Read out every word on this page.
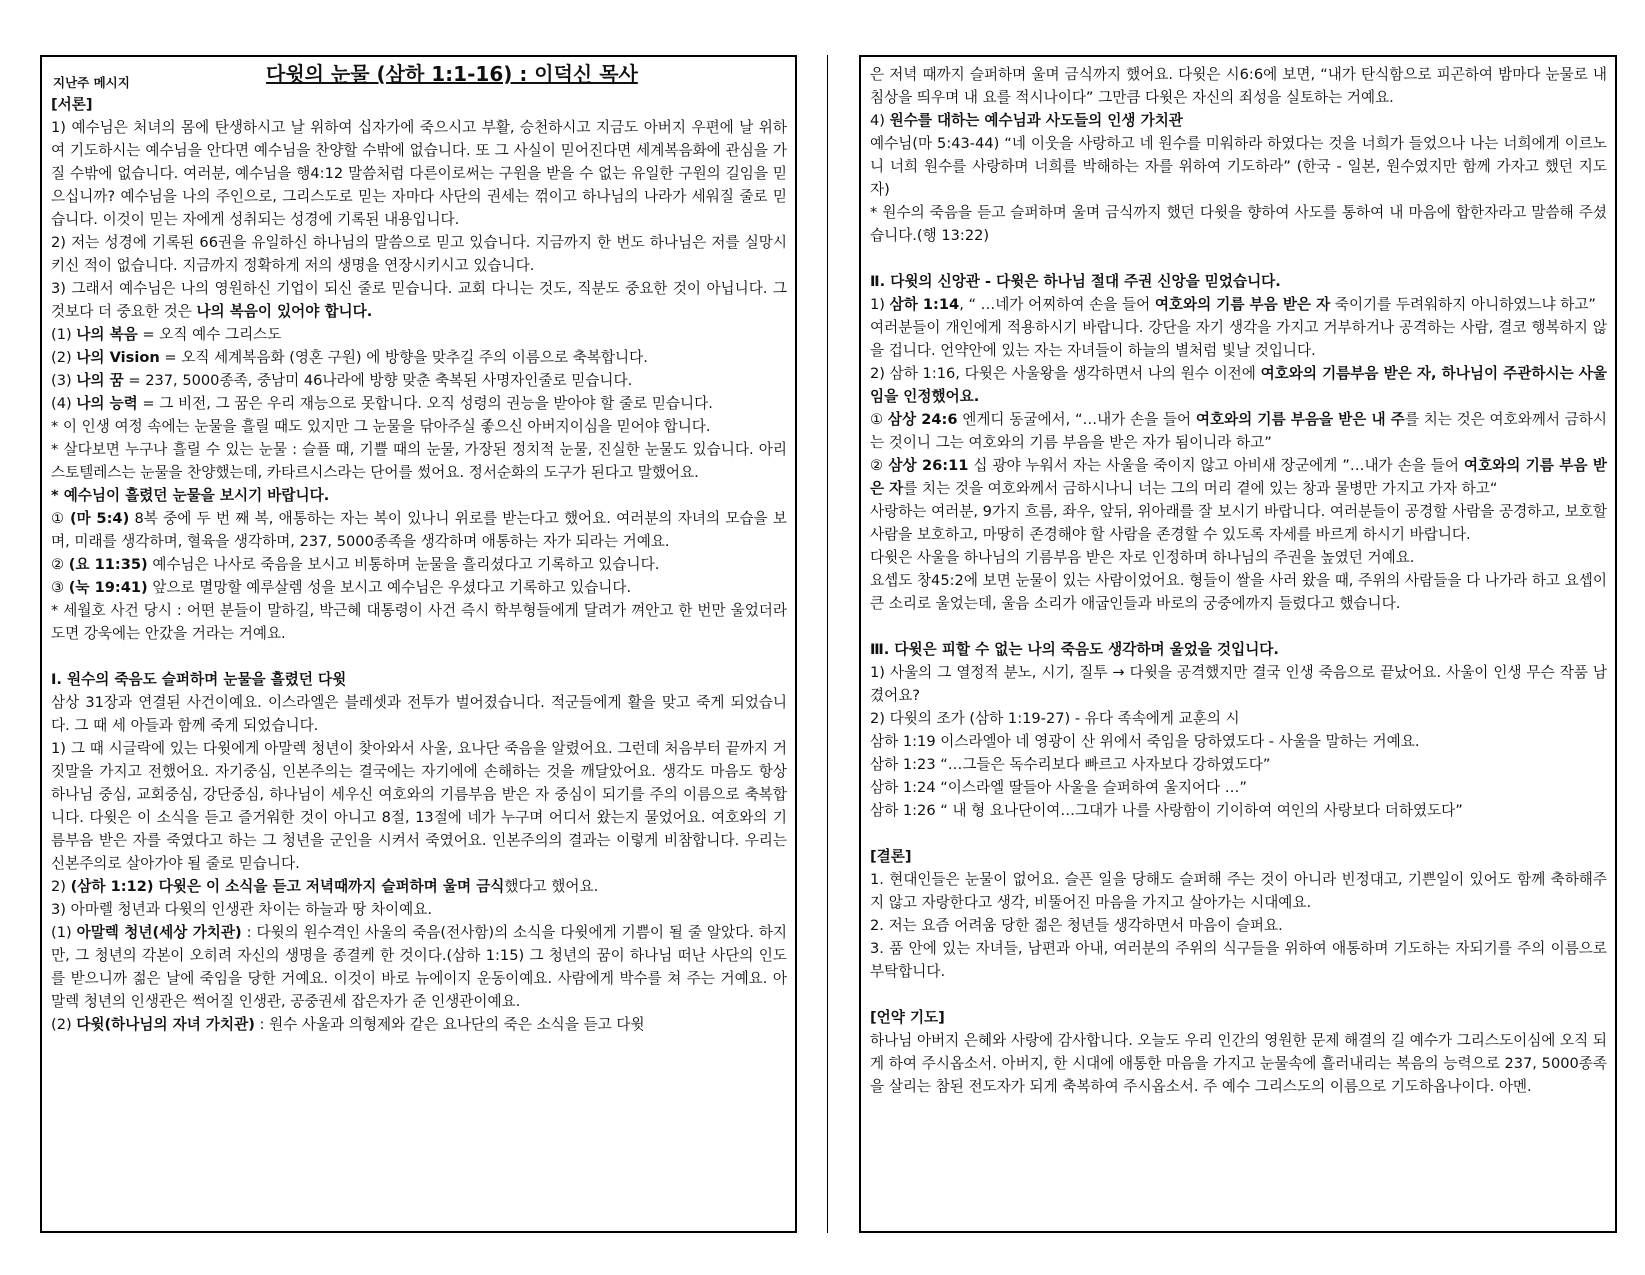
지난주 메시지	다윗의 눈물 (삼하 1:1-16) : 이덕신 목사

[서론]

1) 예수님은 처녀의 몸에 탄생하시고 날 위하여 십자가에 죽으시고 부활, 승천하시고 지금도 아버지 우편에 날 위하여 기도하시는 예수님을 안다면 예수님을 찬양할 수밖에 없습니다. 또 그 사실이 믿어진다면 세계복음화에 관심을 가질 수밖에 없습니다. 여러분, 예수님을 행4:12 말씀처럼 다른이로써는 구원을 받을 수 없는 유일한 구원의 길임을 믿으십니까? 예수님을 나의 주인으로, 그리스도로 믿는 자마다 사단의 권세는 꺾이고 하나님의 나라가 세워질 줄로 믿습니다. 이것이 믿는 자에게 성취되는 성경에 기록된 내용입니다.

2) 저는 성경에 기록된 66권을 유일하신 하나님의 말씀으로 믿고 있습니다. 지금까지 한 번도 하나님은 저를 실망시키신 적이 없습니다. 지금까지 정확하게 저의 생명을 연장시키시고 있습니다.

3) 그래서 예수님은 나의 영원하신 기업이 되신 줄로 믿습니다. 교회 다니는 것도, 직분도 중요한 것이 아닙니다. 그것보다 더 중요한 것은 나의 복음이 있어야 합니다.

(1) 나의 복음 = 오직 예수 그리스도

(2) 나의 Vision = 오직 세계복음화 (영혼 구원) 에 방향을 맞추길 주의 이름으로 축복합니다.

(3) 나의 꿈 = 237, 5000종족, 중남미 46나라에 방향 맞춘 축복된 사명자인줄로 믿습니다.

(4) 나의 능력 = 그 비전, 그 꿈은 우리 재능으로 못합니다. 오직 성령의 권능을 받아야 할 줄로 믿습니다.

* 이 인생 여정 속에는 눈물을 흘릴 때도 있지만 그 눈물을 닦아주실 좋으신 아버지이심을 믿어야 합니다.

* 살다보면 누구나 흘릴 수 있는 눈물 : 슬플 때, 기쁠 때의 눈물, 가장된 정치적 눈물, 진실한 눈물도 있습니다. 아리스토텔레스는 눈물을 찬양했는데, 카타르시스라는 단어를 썼어요. 정서순화의 도구가 된다고 말했어요.

* 예수님이 흘렸던 눈물을 보시기 바랍니다.

① (마 5:4) 8복 중에 두 번 째 복, 애통하는 자는 복이 있나니 위로를 받는다고 했어요. 여러분의 자녀의 모습을 보며, 미래를 생각하며, 혈육을 생각하며, 237, 5000종족을 생각하며 애통하는 자가 되라는 거예요.

② (요 11:35) 예수님은 나사로 죽음을 보시고 비통하며 눈물을 흘리셨다고 기록하고 있습니다.

③ (눅 19:41) 앞으로 멸망할 예루살렘 성을 보시고 예수님은 우셨다고 기록하고 있습니다.

* 세월호 사건 당시 : 어떤 분들이 말하길, 박근혜 대통령이 사건 즉시 학부형들에게 달려가 껴안고 한 번만 울었더라도면 강욱에는 안갔을 거라는 거예요.

Ⅰ. 원수의 죽음도 슬퍼하며 눈물을 흘렸던 다윗

삼상 31장과 연결된 사건이예요. 이스라엘은 블레셋과 전투가 벌어졌습니다. 적군들에게 활을 맞고 죽게 되었습니다. 그 때 세 아들과 함께 죽게 되었습니다.

1) 그 때 시글락에 있는 다윗에게 아말렉 청년이 찾아와서 사울, 요나단 죽음을 알렸어요. 그런데 처음부터 끝까지 거짓말을 가지고 전했어요. 자기중심, 인본주의는 결국에는 자기에에 손해하는 것을 깨달았어요. 생각도 마음도 항상 하나님 중심, 교회중심, 강단중심, 하나님이 세우신 여호와의 기름부음 받은 자 중심이 되기를 주의 이름으로 축복합니다. 다윗은 이 소식을 듣고 즐거워한 것이 아니고 8절, 13절에 네가 누구며 어디서 왔는지 물었어요. 여호와의 기름부음 받은 자를 죽였다고 하는 그 청년을 군인을 시켜서 죽였어요. 인본주의의 결과는 이렇게 비참합니다. 우리는 신본주의로 살아가야 될 줄로 믿습니다.

2) (삼하 1:12) 다윗은 이 소식을 듣고 저녁때까지 슬퍼하며 울며 금식했다고 했어요.

3) 아마렐 청년과 다윗의 인생관 차이는 하늘과 땅 차이예요.

(1) 아말렉 청년(세상 가치관) : 다윗의 원수격인 사울의 죽음(전사함)의 소식을 다윗에게 기쁨이 될 줄 알았다. 하지만, 그 청년의 각본이 오히려 자신의 생명을 종결케 한 것이다.(삼하 1:15) 그 청년의 꿈이 하나님 떠난 사단의 인도를 받으니까 젊은 날에 죽임을 당한 거예요. 이것이 바로 뉴에이지 운동이예요. 사람에게 박수를 쳐 주는 거예요. 아말렉 청년의 인생관은 썩어질 인생관, 공중권세 잡은자가 준 인생관이예요.

(2) 다윗(하나님의 자녀 가치관) : 원수 사울과 의형제와 같은 요나단의 죽은 소식을 듣고 다윗

은 저녁 때까지 슬퍼하며 울며 금식까지 했어요. 다윗은 시6:6에 보면, “내가 탄식함으로 피곤하여 밤마다 눈물로 내 침상을 띄우며 내 요를 적시나이다” 그만큼 다윗은 자신의 죄성을 실토하는 거예요.

4) 원수를 대하는 예수님과 사도들의 인생 가치관

예수님(마 5:43-44) “네 이웃을 사랑하고 네 원수를 미워하라 하였다는 것을 너희가 들었으나 나는 너희에게 이르노니 너희 원수를 사랑하며 너희를 박해하는 자를 위하여 기도하라” (한국 - 일본, 원수였지만 함께 가자고 했던 지도자)

* 원수의 죽음을 듣고 슬퍼하며 울며 금식까지 했던 다윗을 향하여 사도를 통하여 내 마음에 합한자라고 말씀해 주셨습니다.(행 13:22)

Ⅱ. 다윗의 신앙관 - 다윗은 하나님 절대 주권 신앙을 믿었습니다.

1) 삼하 1:14, “ …네가 어찌하여 손을 들어 여호와의 기름 부음 받은 자 죽이기를 두려워하지 아니하였느냐 하고”

여러분들이 개인에게 적용하시기 바랍니다. 강단을 자기 생각을 가지고 거부하거나 공격하는 사람, 결코 행복하지 않을 겁니다. 언약안에 있는 자는 자녀들이 하늘의 별처럼 빛날 것입니다.

2) 삼하 1:16, 다윗은 사울왕을 생각하면서 나의 원수 이전에 여호와의 기름부음 받은 자, 하나님이 주관하시는 사울임을 인정했어요.

① 삼상 24:6 엔게디 동굴에서, “…내가 손을 들어 여호와의 기름 부음을 받은 내 주를 치는 것은 여호와께서 금하시는 것이니 그는 여호와의 기름 부음을 받은 자가 됨이니라 하고”

② 삼상 26:11 십 광야 누워서 자는 사울을 죽이지 않고 아비새 장군에게 ”…내가 손을 들어 여호와의 기름 부음 받은 자를 치는 것을 여호와께서 금하시나니 너는 그의 머리 곁에 있는 창과 물병만 가지고 가자 하고“

사랑하는 여러분, 9가지 흐름, 좌우, 앞뒤, 위아래를 잘 보시기 바랍니다. 여러분들이 공경할 사람을 공경하고, 보호할 사람을 보호하고, 마땅히 존경해야 할 사람을 존경할 수 있도록 자세를 바르게 하시기 바랍니다.

다윗은 사울을 하나님의 기름부음 받은 자로 인정하며 하나님의 주권을 높였던 거예요.

요셉도 창45:2에 보면 눈물이 있는 사람이었어요. 형들이 쌀을 사러 왔을 때, 주위의 사람들을 다 나가라 하고 요셉이 큰 소리로 울었는데, 울음 소리가 애굽인들과 바로의 궁중에까지 들렸다고 했습니다.

Ⅲ. 다윗은 피할 수 없는 나의 죽음도 생각하며 울었을 것입니다.

1) 사울의 그 열정적 분노, 시기, 질투 → 다윗을 공격했지만 결국 인생 죽음으로 끝났어요. 사울이 인생 무슨 작품 남겼어요?

2) 다윗의 조가 (삼하 1:19-27) - 유다 족속에게 교훈의 시

삼하 1:19 이스라엘아 네 영광이 산 위에서 죽임을 당하였도다 - 사울을 말하는 거예요.

삼하 1:23 “…그들은 독수리보다 빠르고 사자보다 강하였도다”

삼하 1:24 “이스라엘 딸들아 사울을 슬퍼하여 울지어다 …”

삼하 1:26 “ 내 형 요나단이여…그대가 나를 사랑함이 기이하여 여인의 사랑보다 더하였도다”

[결론]

1. 현대인들은 눈물이 없어요. 슬픈 일을 당해도 슬퍼해 주는 것이 아니라 빈정대고, 기쁜일이 있어도 함께 축하해주지 않고 자랑한다고 생각, 비뚤어진 마음을 가지고 살아가는 시대예요.

2. 저는 요즘 어려움 당한 젊은 청년들 생각하면서 마음이 슬퍼요.

3. 품 안에 있는 자녀들, 남편과 아내, 여러분의 주위의 식구들을 위하여 애통하며 기도하는 자되기를 주의 이름으로 부탁합니다.

[언약 기도]

하나님 아버지 은혜와 사랑에 감사합니다. 오늘도 우리 인간의 영원한 문제 해결의 길 예수가 그리스도이심에 오직 되게 하여 주시옵소서. 아버지, 한 시대에 애통한 마음을 가지고 눈물속에 흘러내리는 복음의 능력으로 237, 5000종족을 살리는 참된 전도자가 되게 축복하여 주시옵소서. 주 예수 그리스도의 이름으로 기도하옵나이다. 아멘.
